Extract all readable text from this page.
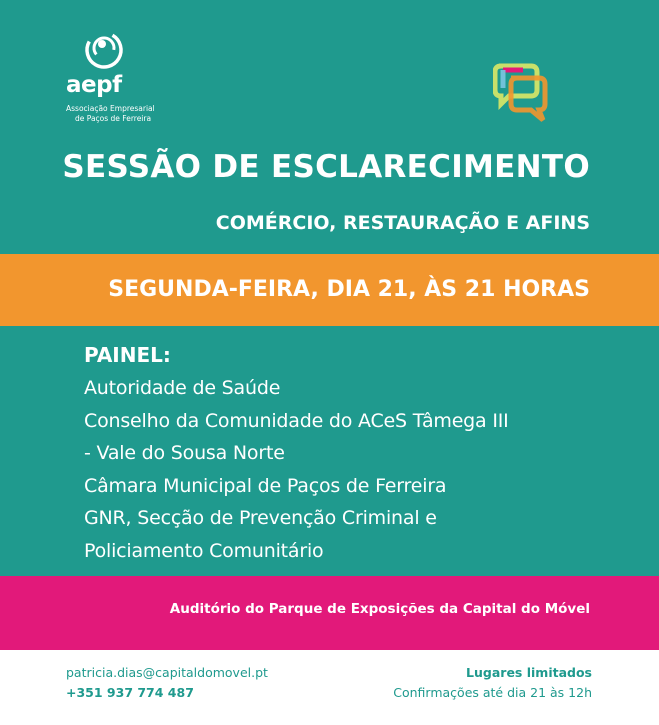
aepf
Associação Empresarial
de Paços de Ferreira
SESSÃO DE ESCLARECIMENTO
COMÉRCIO, RESTAURAÇÃO E AFINS
SEGUNDA-FEIRA, DIA 21, ÀS 21 HORAS
PAINEL:
Autoridade de Saúde
Conselho da Comunidade do ACeS Tâmega III
- Vale do Sousa Norte
Câmara Municipal de Paços de Ferreira
GNR, Secção de Prevenção Criminal e
Policiamento Comunitário
Auditório do Parque de Exposições da Capital do Móvel
patricia.dias@capitaldomovel.pt
+351 937 774 487
Lugares limitados
Confirmações até dia 21 às 12h
